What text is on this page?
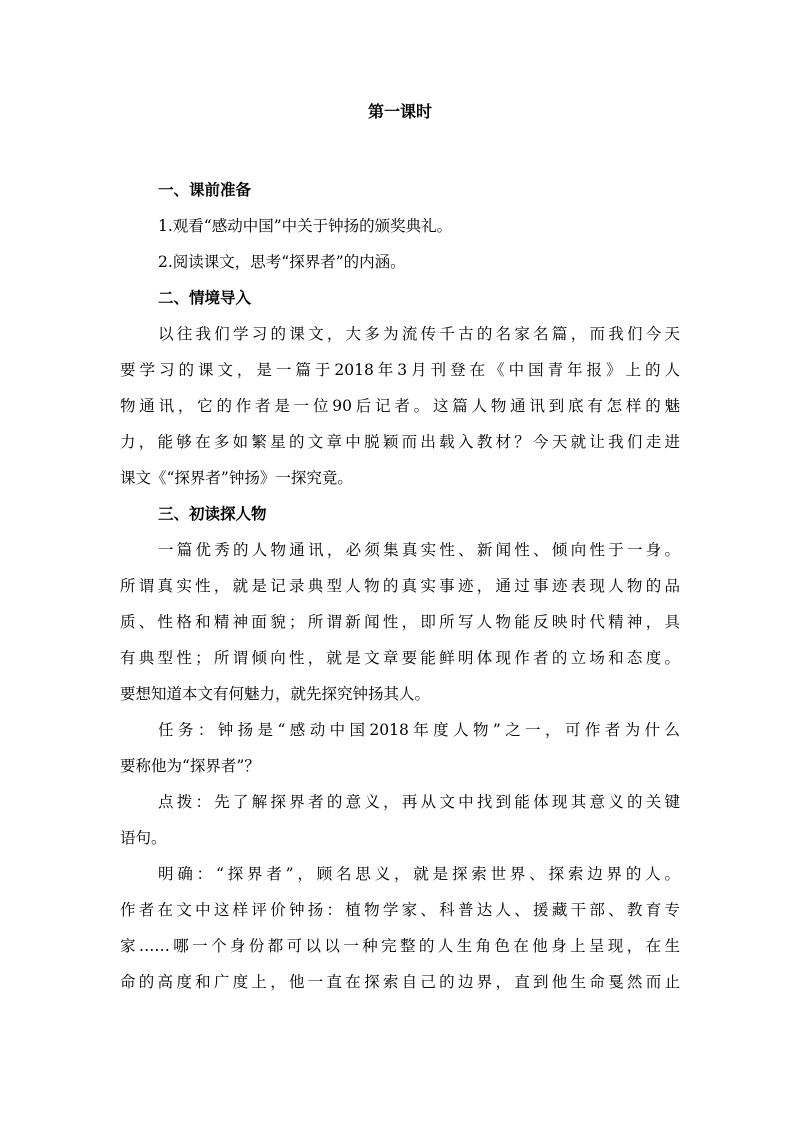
第一课时
一、课前准备
1.观看“感动中国”中关于钟扬的颁奖典礼。
2.阅读课文，思考“探界者”的内涵。
二、情境导入
以往我们学习的课文，大多为流传千古的名家名篇，而我们今天
要学习的课文，是一篇于2018年3月刊登在《中国青年报》上的人
物通讯，它的作者是一位90后记者。这篇人物通讯到底有怎样的魅
力，能够在多如繁星的文章中脱颖而出载入教材？今天就让我们走进
课文《“探界者”钟扬》一探究竟。
三、初读探人物
一篇优秀的人物通讯，必须集真实性、新闻性、倾向性于一身。
所谓真实性，就是记录典型人物的真实事迹，通过事迹表现人物的品
质、性格和精神面貌；所谓新闻性，即所写人物能反映时代精神，具
有典型性；所谓倾向性，就是文章要能鲜明体现作者的立场和态度。
要想知道本文有何魅力，就先探究钟扬其人。
任务：钟扬是“感动中国2018年度人物”之一，可作者为什么
要称他为“探界者”？
点拨：先了解探界者的意义，再从文中找到能体现其意义的关键
语句。
明确：“探界者”，顾名思义，就是探索世界、探索边界的人。
作者在文中这样评价钟扬：植物学家、科普达人、援藏干部、教育专
家……哪一个身份都可以以一种完整的人生角色在他身上呈现，在生
命的高度和广度上，他一直在探索自己的边界，直到他生命戛然而止
